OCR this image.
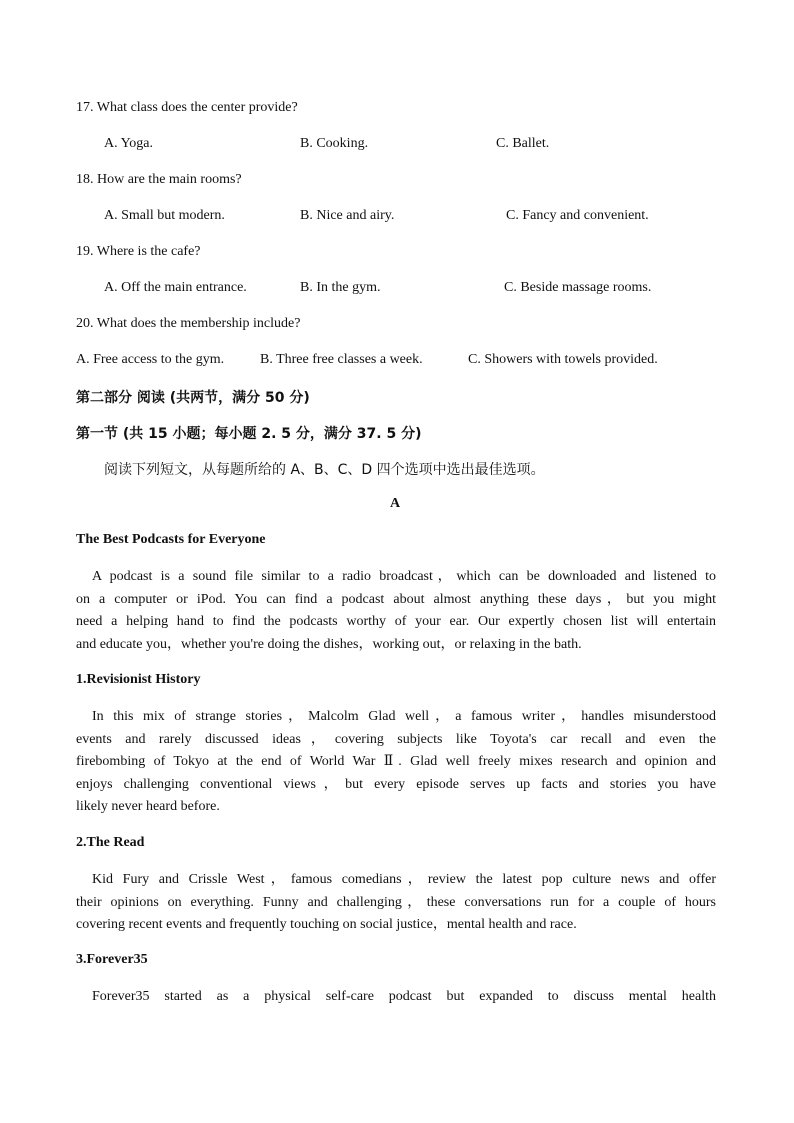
17. What class does the center provide?
A. Yoga.	B. Cooking.	C. Ballet.
18. How are the main rooms?
A. Small but modern.	B. Nice and airy.	C. Fancy and convenient.
19. Where is the cafe?
A. Off the main entrance.	B. In the gym.	C. Beside massage rooms.
20. What does the membership include?
A. Free access to the gym.	B. Three free classes a week.	C. Showers with towels provided.
第二部分 阅读 (共两节，满分 50 分)
第一节 (共 15 小题；每小题 2. 5 分，满分 37. 5 分)
阅读下列短文，从每题所给的 A、B、C、D 四个选项中选出最佳选项。
A
The Best Podcasts for Everyone
A podcast is a sound file similar to a radio broadcast，which can be downloaded and listened to
on a computer or iPod. You can find a podcast about almost anything these days，but you might
need a helping hand to find the podcasts worthy of your ear. Our expertly chosen list will entertain
and educate you，whether you're doing the dishes，working out，or relaxing in the bath.
1.Revisionist History
In this mix of strange stories，Malcolm Glad well，a famous writer，handles misunderstood
events and rarely discussed ideas，covering subjects like Toyota's car recall and even the
firebombing of Tokyo at the end of World War Ⅱ. Glad well freely mixes research and opinion and
enjoys challenging conventional views，but every episode serves up facts and stories you have
likely never heard before.
2.The Read
Kid Fury and Crissle West，famous comedians，review the latest pop culture news and offer
their opinions on everything. Funny and challenging，these conversations run for a couple of hours
covering recent events and frequently touching on social justice，mental health and race.
3.Forever35
Forever35 started as a physical self-care podcast but expanded to discuss mental health
